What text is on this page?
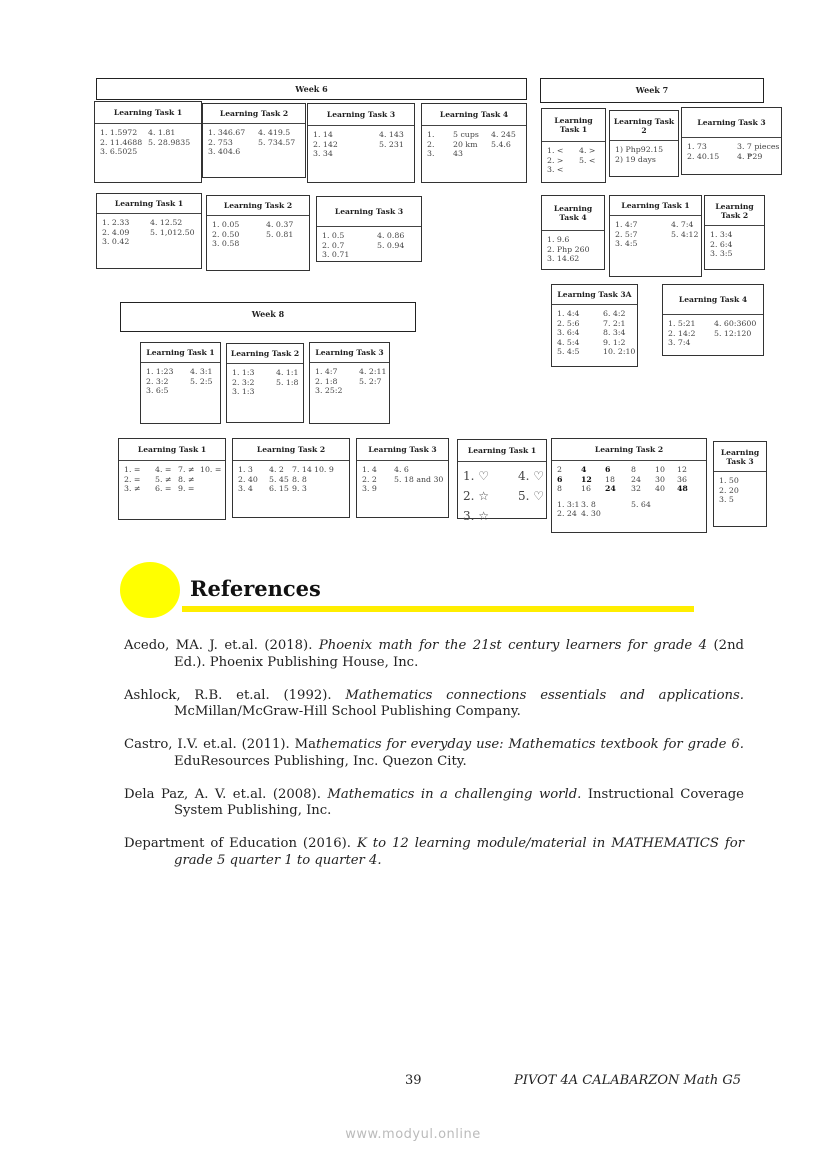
Week 6	Week 7
Week 8
Learning Task 1
1. 1.5972 4. 1.81
2. 11.4688 5. 28.9835
3. 6.5025
Learning Task 2
1. 346.67 4. 419.5
2. 753	5. 734.57
3. 404.6
Learning Task 3
1. 14	4. 143
2. 142	5. 231
3. 34
Learning Task 4
1. 5 cups 4. 245
2. 20 km 5.4.6
3. 43
Learning Task 1
1. 2.33	4. 12.52
2. 4.09	5. 1,012.50
3. 0.42
Learning Task 2
1. 0.05	4. 0.37
2. 0.50	5. 0.81
3. 0.58
Learning Task 3
1. 0.5	4. 0.86
2. 0.7	5. 0.94
3. 0.71
Learning Task 1
1. < 4. >
2. > 5. <
3. <
Learning Task 2
1) Php92.15
2) 19 days
Learning Task 3
1. 73	3. 7 pieces
2. 40.15 4. ₱29
Learning Task 4
1. 9.6
2. Php 260
3. 14.62
Learning Task 1
1. 4:7	4. 7:4
2. 5:7	5. 4:12
3. 4:5
Learning Task 2
1. 3:4
2. 6:4
3. 3:5
Learning Task 3A
1. 4:4	6. 4:2
2. 5:6	7. 2:1
3. 6:4	8. 3:4
4. 5:4	9. 1:2
5. 4:5	10. 2:10
Learning Task 4
1. 5:21 4. 60:3600
2. 14:2 5. 12:120
3. 7:4
Learning Task 1
1. 1:23 4. 3:1
2. 3:2	5. 2:5
3. 6:5
Learning Task 2
1. 1:3	4. 1:1
2. 3:2	5. 1:8
3. 1:3
Learning Task 3
1. 4:7	4. 2:11
2. 1:8	5. 2:7
3. 25:2
Learning Task 1
1. = 4. = 7. ≠ 10. =
2. = 5. ≠ 8. ≠
3. ≠ 6. = 9. =
Learning Task 2
1. 3 4. 2 7. 14 10. 9
2. 40 5. 45 8. 8
3. 4 6. 15 9. 3
Learning Task 3
1. 4 4. 6
2. 2 5. 18 and 30
3. 9
Learning Task 1
1. ♡ 4. ♡
2. ☆ 5. ♡
3. ☆
Learning Task 2
2 4 6	8 10 12
6 12 18 24 30 36
8 16 24 32 40 48
1. 3:1 3. 8	5. 64
2. 24 4. 30
Learning Task 3
1. 50
2. 20
3. 5
References
Acedo, MA. J. et.al. (2018). Phoenix math for the 21st century learners for grade 4 (2nd Ed.). Phoenix Publishing House, Inc.
Ashlock, R.B. et.al. (1992). Mathematics connections essentials and applications. McMillan/McGraw-Hill School Publishing Company.
Castro, I.V. et.al. (2011). Mathematics for everyday use: Mathematics textbook for grade 6. EduResources Publishing, Inc. Quezon City.
Dela Paz, A. V. et.al. (2008). Mathematics in a challenging world. Instructional Coverage System Publishing, Inc.
Department of Education (2016). K to 12 learning module/material in MATHEMATICS for grade 5 quarter 1 to quarter 4.
39	PIVOT 4A CALABARZON Math G5
www.modyul.online
